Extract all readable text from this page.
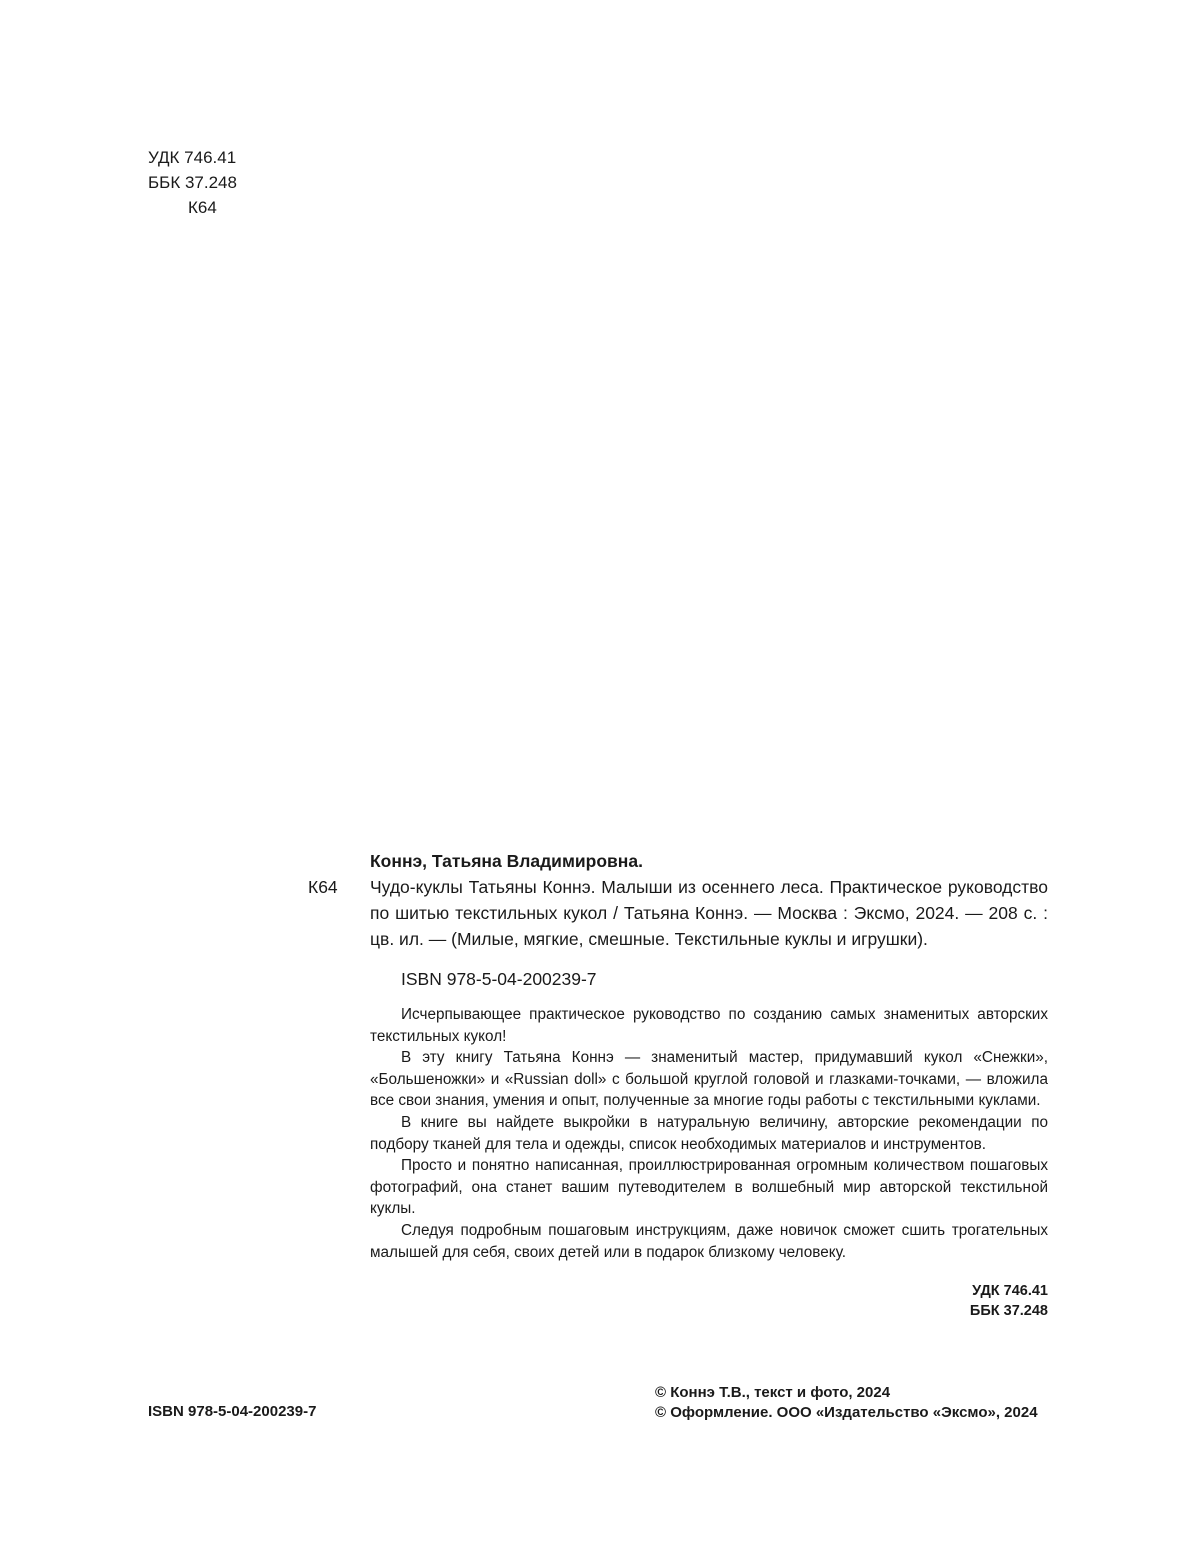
УДК 746.41
ББК 37.248
К64
Коннэ, Татьяна Владимировна.
К64 Чудо-куклы Татьяны Коннэ. Малыши из осеннего леса. Практическое руководство по шитью текстильных кукол / Татьяна Коннэ. — Москва : Эксмо, 2024. — 208 с. : цв. ил. — (Милые, мягкие, смешные. Текстильные куклы и игрушки).
ISBN 978-5-04-200239-7

Исчерпывающее практическое руководство по созданию самых знаменитых авторских текстильных кукол!

В эту книгу Татьяна Коннэ — знаменитый мастер, придумавший кукол «Снежки», «Большеножки» и «Russian doll» с большой круглой головой и глазками-точками, — вложила все свои знания, умения и опыт, полученные за многие годы работы с текстильными куклами.

В книге вы найдете выкройки в натуральную величину, авторские рекомендации по подбору тканей для тела и одежды, список необходимых материалов и инструментов.

Просто и понятно написанная, проиллюстрированная огромным количеством пошаговых фотографий, она станет вашим путеводителем в волшебный мир авторской текстильной куклы.

Следуя подробным пошаговым инструкциям, даже новичок сможет сшить трогательных малышей для себя, своих детей или в подарок близкому человеку.

УДК 746.41
ББК 37.248
ISBN 978-5-04-200239-7
© Коннэ Т.В., текст и фото, 2024
© Оформление. ООО «Издательство «Эксмо», 2024
